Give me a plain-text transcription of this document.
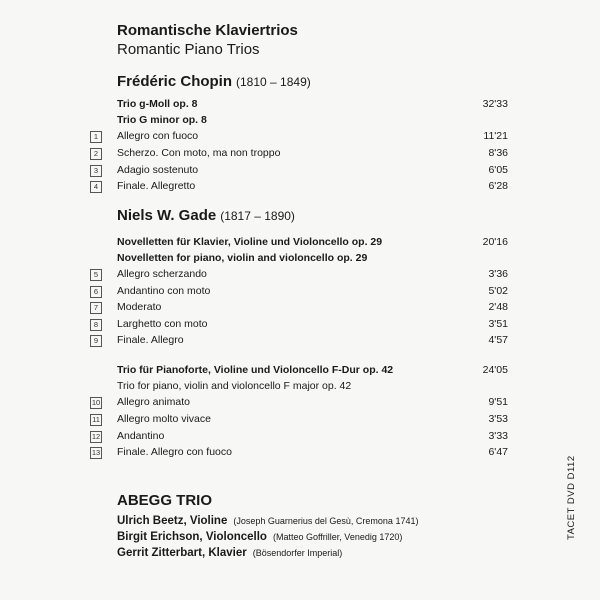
Romantische Klaviertrios
Romantic Piano Trios
Frédéric Chopin (1810 – 1849)
Trio g-Moll op. 8	32'33
Trio G minor op. 8
1	Allegro con fuoco	11'21
2	Scherzo. Con moto, ma non troppo	8'36
3	Adagio sostenuto	6'05
4	Finale. Allegretto	6'28
Niels W. Gade (1817 – 1890)
Novelletten für Klavier, Violine und Violoncello op. 29	20'16
Novelletten for piano, violin and violoncello op. 29
5	Allegro scherzando	3'36
6	Andantino con moto	5'02
7	Moderato	2'48
8	Larghetto con moto	3'51
9	Finale. Allegro	4'57
Trio für Pianoforte, Violine und Violoncello F-Dur op. 42	24'05
Trio for piano, violin and violoncello F major op. 42
10 Allegro animato	9'51
11 Allegro molto vivace	3'53
12 Andantino	3'33
13 Finale. Allegro con fuoco	6'47
ABEGG TRIO
Ulrich Beetz, Violine (Joseph Guarnerius del Gesù, Cremona 1741)
Birgit Erichson, Violoncello (Matteo Goffriller, Venedig 1720)
Gerrit Zitterbart, Klavier (Bösendorfer Imperial)
TACET DVD D112
